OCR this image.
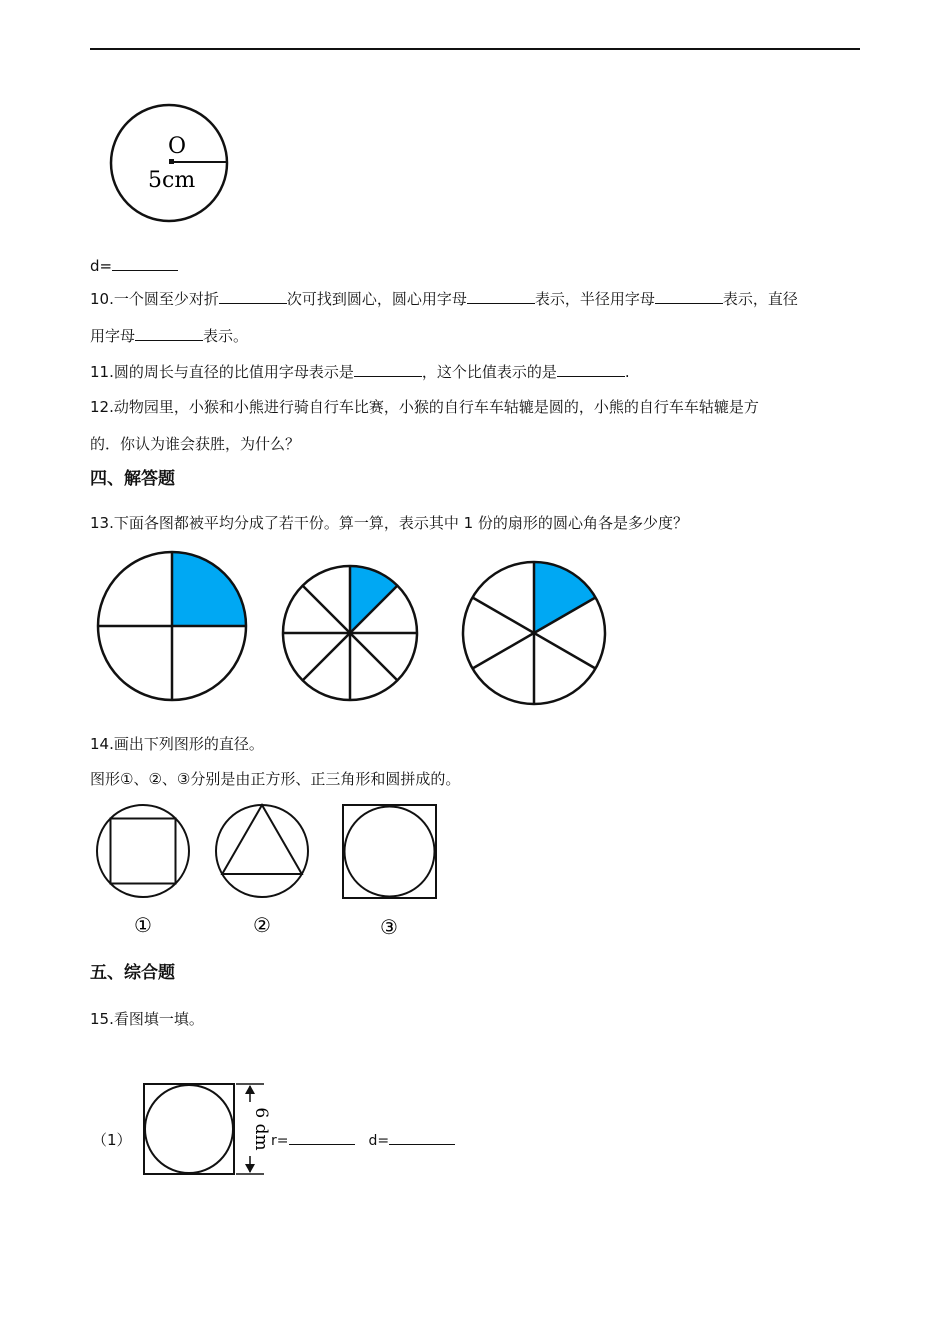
O
5cm
d=
10.一个圆至少对折	次可找到圆心，圆心用字母	表示，半径用字母	表示，直径
用字母	表示。
11.圆的周长与直径的比值用字母表示是	，这个比值表示的是	.
12.动物园里，小猴和小熊进行骑自行车比赛，小猴的自行车车轱辘是圆的，小熊的自行车车轱辘是方
的．你认为谁会获胜，为什么？
四、解答题
13.下面各图都被平均分成了若干份。算一算，表示其中 1 份的扇形的圆心角各是多少度？
14.画出下列图形的直径。
图形①、②、③分别是由正方形、正三角形和圆拼成的。
①	②	③
五、综合题
15.看图填一填。
（1）	6 dm r=	d=
